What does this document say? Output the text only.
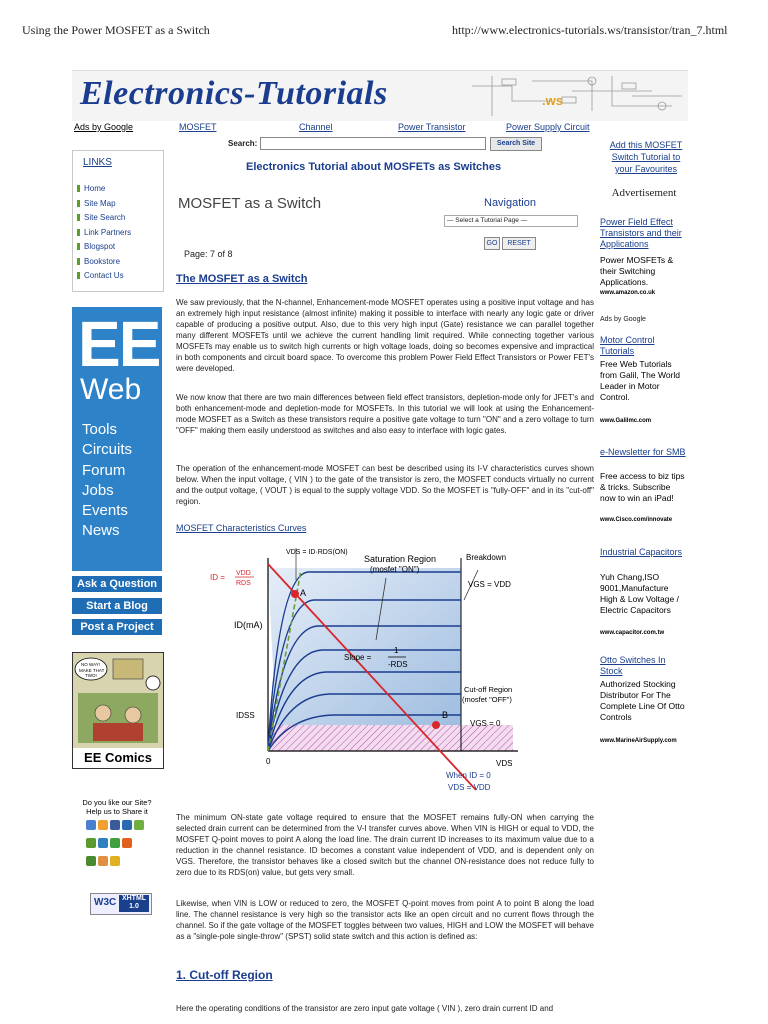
Using the Power MOSFET as a Switch	http://www.electronics-tutorials.ws/transistor/tran_7.html
Electronics-Tutorials	.ws
Ads by Google	MOSFET	Channel	Power Transistor	Power Supply Circuit
Add this MOSFET Switch Tutorial to your Favourites
Search:	Search Site
Electronics Tutorial about MOSFETs as Switches
LINKS
Home
Site Map
Site Search
Link Partners
Blogspot
Bookstore
Contact Us
EE
Web
Tools
Circuits
Forum
Jobs
Events
News
Ask a Question
Start a Blog
Post a Project
NO WAY!
MAKE THAT
TWO!
EE Comics
Do you like our Site?
Help us to Share it

W3C XHTML
1.0
MOSFET as a Switch	Navigation
— Select a Tutorial Page —
GO	RESET
Page: 7 of 8
The MOSFET as a Switch
We saw previously, that the N-channel, Enhancement-mode MOSFET operates using a positive input voltage and has an extremely high input resistance (almost infinite) making it possible to interface with nearly any logic gate or driver capable of producing a positive output. Also, due to this very high input (Gate) resistance we can parallel together many different MOSFETs until we achieve the current handling limit required. While connecting together various MOSFETs may enable us to switch high currents or high voltage loads, doing so becomes expensive and impractical in both components and circuit board space. To overcome this problem Power Field Effect Transistors or Power FET's were developed.
We now know that there are two main differences between field effect transistors, depletion-mode only for JFET's and both enhancement-mode and depletion-mode for MOSFETs. In this tutorial we will look at using the Enhancement-mode MOSFET as a Switch as these transistors require a positive gate voltage to turn "ON" and a zero voltage to turn "OFF" making them easily understood as switches and also easy to interface with logic gates.
The operation of the enhancement-mode MOSFET can best be described using its I-V characteristics curves shown below. When the input voltage, ( VIN ) to the gate of the transistor is zero, the MOSFET conducts virtually no current and the output voltage, ( VOUT ) is equal to the supply voltage VDD. So the MOSFET is "fully-OFF" and in its "cut-off" region.
MOSFET Characteristics Curves
VDS = ID·RDS(ON)
ID = VDD
RDS
Saturation Region
(mosfet "ON")
Breakdown
VGS = VDD
ID(mA)
Slope =
1
-RDS
Cut-off Region
(mosfet "OFF")
VGS = 0
IDSS
0
A
B
When ID = 0
VDS = VDD
VDS
The minimum ON-state gate voltage required to ensure that the MOSFET remains fully-ON when carrying the selected drain current can be determined from the V-I transfer curves above. When VIN is HIGH or equal to VDD, the MOSFET Q-point moves to point A along the load line. The drain current ID increases to its maximum value due to a reduction in the channel resistance. ID becomes a constant value independent of VDD, and is dependent only on VGS. Therefore, the transistor behaves like a closed switch but the channel ON-resistance does not reduce fully to zero due to its RDS(on) value, but gets very small.
Likewise, when VIN is LOW or reduced to zero, the MOSFET Q-point moves from point A to point B along the load line. The channel resistance is very high so the transistor acts like an open circuit and no current flows through the channel. So if the gate voltage of the MOSFET toggles between two values, HIGH and LOW the MOSFET will behave as a "single-pole single-throw" (SPST) solid state switch and this action is defined as:
1. Cut-off Region
Here the operating conditions of the transistor are zero input gate voltage ( VIN ), zero drain current ID and
Advertisement
Power Field Effect Transistors and their Applications
Power MOSFETs & their Switching Applications.
www.amazon.co.uk
Ads by Google
Motor Control Tutorials
Free Web Tutorials from Galil, The World Leader in Motor Control.
www.Galilmc.com
e-Newsletter for SMB
Free access to biz tips & tricks. Subscribe now to win an iPad!
www.Cisco.com/innovate
Industrial Capacitors
Yuh Chang,ISO 9001,Manufacture High & Low Voltage / Electric Capacitors
www.capacitor.com.tw
Otto Switches In Stock
Authorized Stocking Distributor For The Complete Line Of Otto Controls
www.MarineAirSupply.com
